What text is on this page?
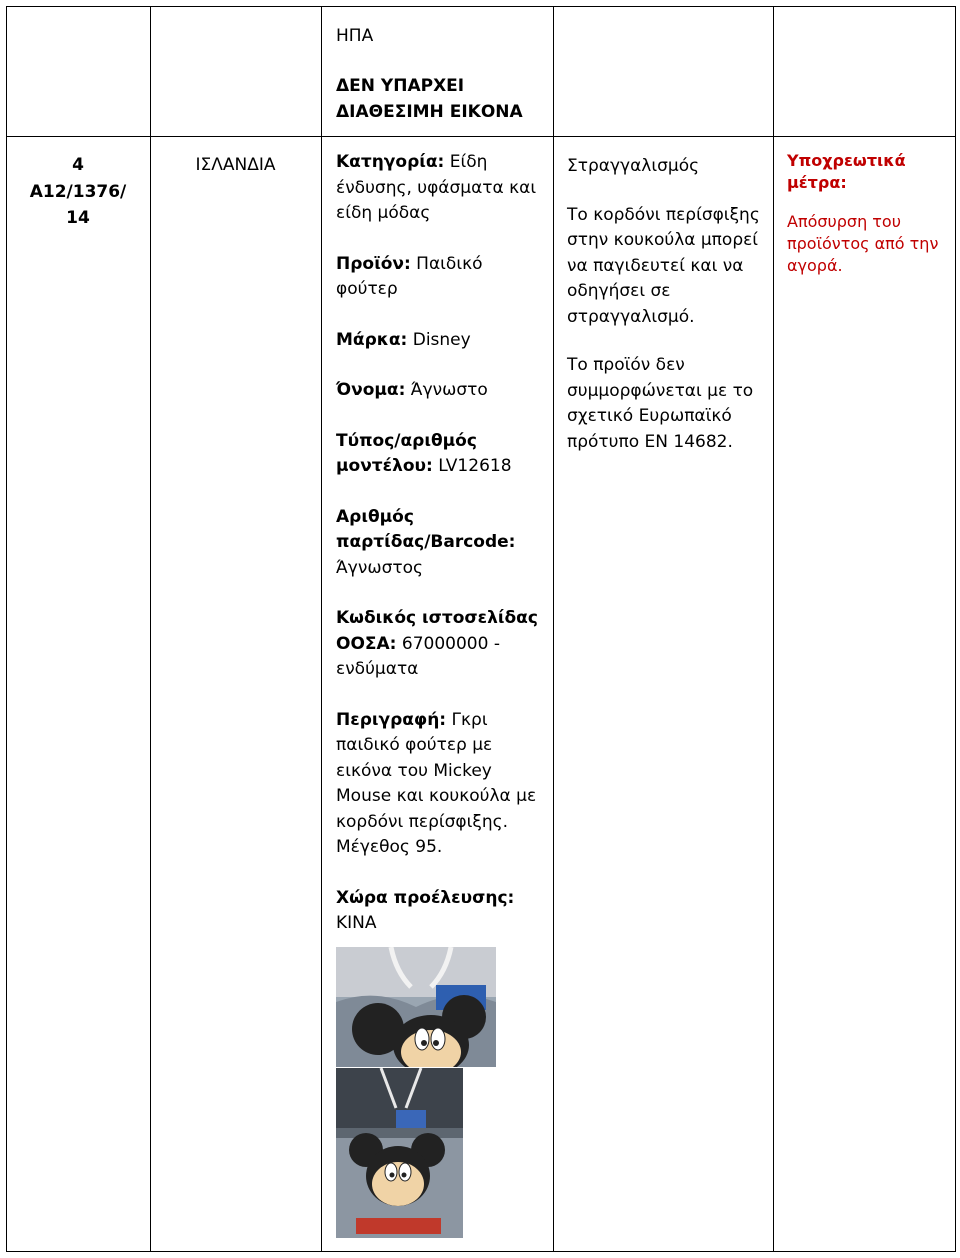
ΗΠΑ
ΔΕΝ ΥΠΑΡΧΕΙ
ΔΙΑΘΕΣΙΜΗ ΕΙΚΟΝΑ
4
A12/1376/
14
ΙΣΛΑΝΔΙΑ	Κατηγορία: Είδη ένδυσης, υφάσματα και είδη μόδας

Προϊόν: Παιδικό φούτερ

Μάρκα: Disney

Όνομα: Άγνωστο

Τύπος/αριθμός μοντέλου: LV12618

Αριθμός παρτίδας/Barcode: Άγνωστος

Κωδικός ιστοσελίδας ΟΟΣΑ: 67000000 - ενδύματα

Περιγραφή: Γκρι παιδικό φούτερ με εικόνα του Mickey Mouse και κουκούλα με κορδόνι περίσφιξης. Μέγεθος 95.

Χώρα προέλευσης: ΚΙΝΑ

Στραγγαλισμός

Το κορδόνι περίσφιξης στην κουκούλα μπορεί να παγιδευτεί και να οδηγήσει σε στραγγαλισμό.

Το προϊόν δεν συμμορφώνεται με το σχετικό Ευρωπαϊκό πρότυπο EN 14682.

Υποχρεωτικά μέτρα:

Απόσυρση του προϊόντος από την αγορά.
